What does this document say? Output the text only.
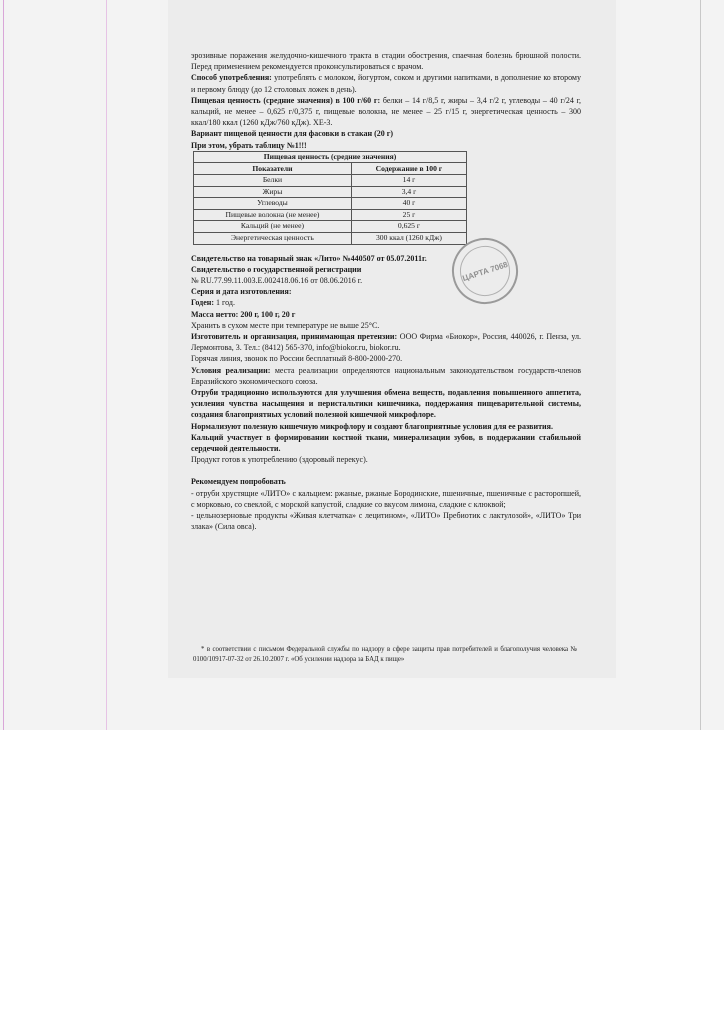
эрозивные поражения желудочно-кишечного тракта в стадии обострения, спаечная болезнь брюшной полости. Перед применением рекомендуется проконсультироваться с врачом.

Способ употребления: употреблять с молоком, йогуртом, соком и другими напитками, в дополнение ко второму и первому блюду (до 12 столовых ложек в день).

Пищевая ценность (средние значения) в 100 г/60 г: белки – 14 г/8,5 г, жиры – 3,4 г/2 г, углеводы – 40 г/24 г, кальций, не менее – 0,625 г/0,375 г, пищевые волокна, не менее – 25 г/15 г, энергетическая ценность – 300 ккал/180 ккал (1260 кДж/760 кДж). ХЕ-3.

Вариант пищевой ценности для фасовки в стакан (20 г)

При этом, убрать таблицу №1!!!

Пищевая ценность (средние значения)	
Показатели	Содержание в 100 г
Белки	14 г
Жиры	3,4 г
Углеводы	40 г
Пищевые волокна (не менее)	25 г
Кальций (не менее)	0,625 г
Энергетическая ценность	300 ккал (1260 кДж)

Свидетельство на товарный знак «Лито» №440507 от 05.07.2011г.

Свидетельство о государственной регистрации

№ RU.77.99.11.003.E.002418.06.16 от 08.06.2016 г.

Серия и дата изготовления:

Годен: 1 год.

Масса нетто: 200 г, 100 г, 20 г

Хранить в сухом месте при температуре не выше 25°С.

Изготовитель и организация, принимающая претензии: ООО Фирма «Биокор», Россия, 440026, г. Пенза, ул. Лермонтова, 3. Тел.: (8412) 565-370, info@biokor.ru, biokor.ru.

Горячая линия, звонок по России бесплатный 8-800-2000-270.

Условия реализации: места реализации определяются национальным законодательством государств-членов Евразийского экономического союза.

Отруби традиционно используются для улучшения обмена веществ, подавления повышенного аппетита, усиления чувства насыщения и перистальтики кишечника, поддержания пищеварительной системы, создания благоприятных условий полезной кишечной микрофлоре.

Нормализуют полезную кишечную микрофлору и создают благоприятные условия для ее развития.

Кальций участвует в формировании костной ткани, минерализации зубов, в поддержании стабильной сердечной деятельности.

Продукт готов к употреблению (здоровый перекус).

Рекомендуем попробовать

- отруби хрустящие «ЛИТО» с кальцием: ржаные, ржаные Бородинские, пшеничные, пшеничные с расторопшей, с морковью, со свеклой, с морской капустой, сладкие со вкусом лимона, сладкие с клюквой;

- цельнозерновые продукты «Живая клетчатка» с лецитином», «ЛИТО» Пребиотик с лактулозой», «ЛИТО» Три злака» (Сила овса).

ЦАРТА 7068

* в соответствии с письмом Федеральной службы по надзору в сфере защиты прав потребителей и благополучия человека № 0100/10917-07-32 от 26.10.2007 г. «Об усилении надзора за БАД к пище»
